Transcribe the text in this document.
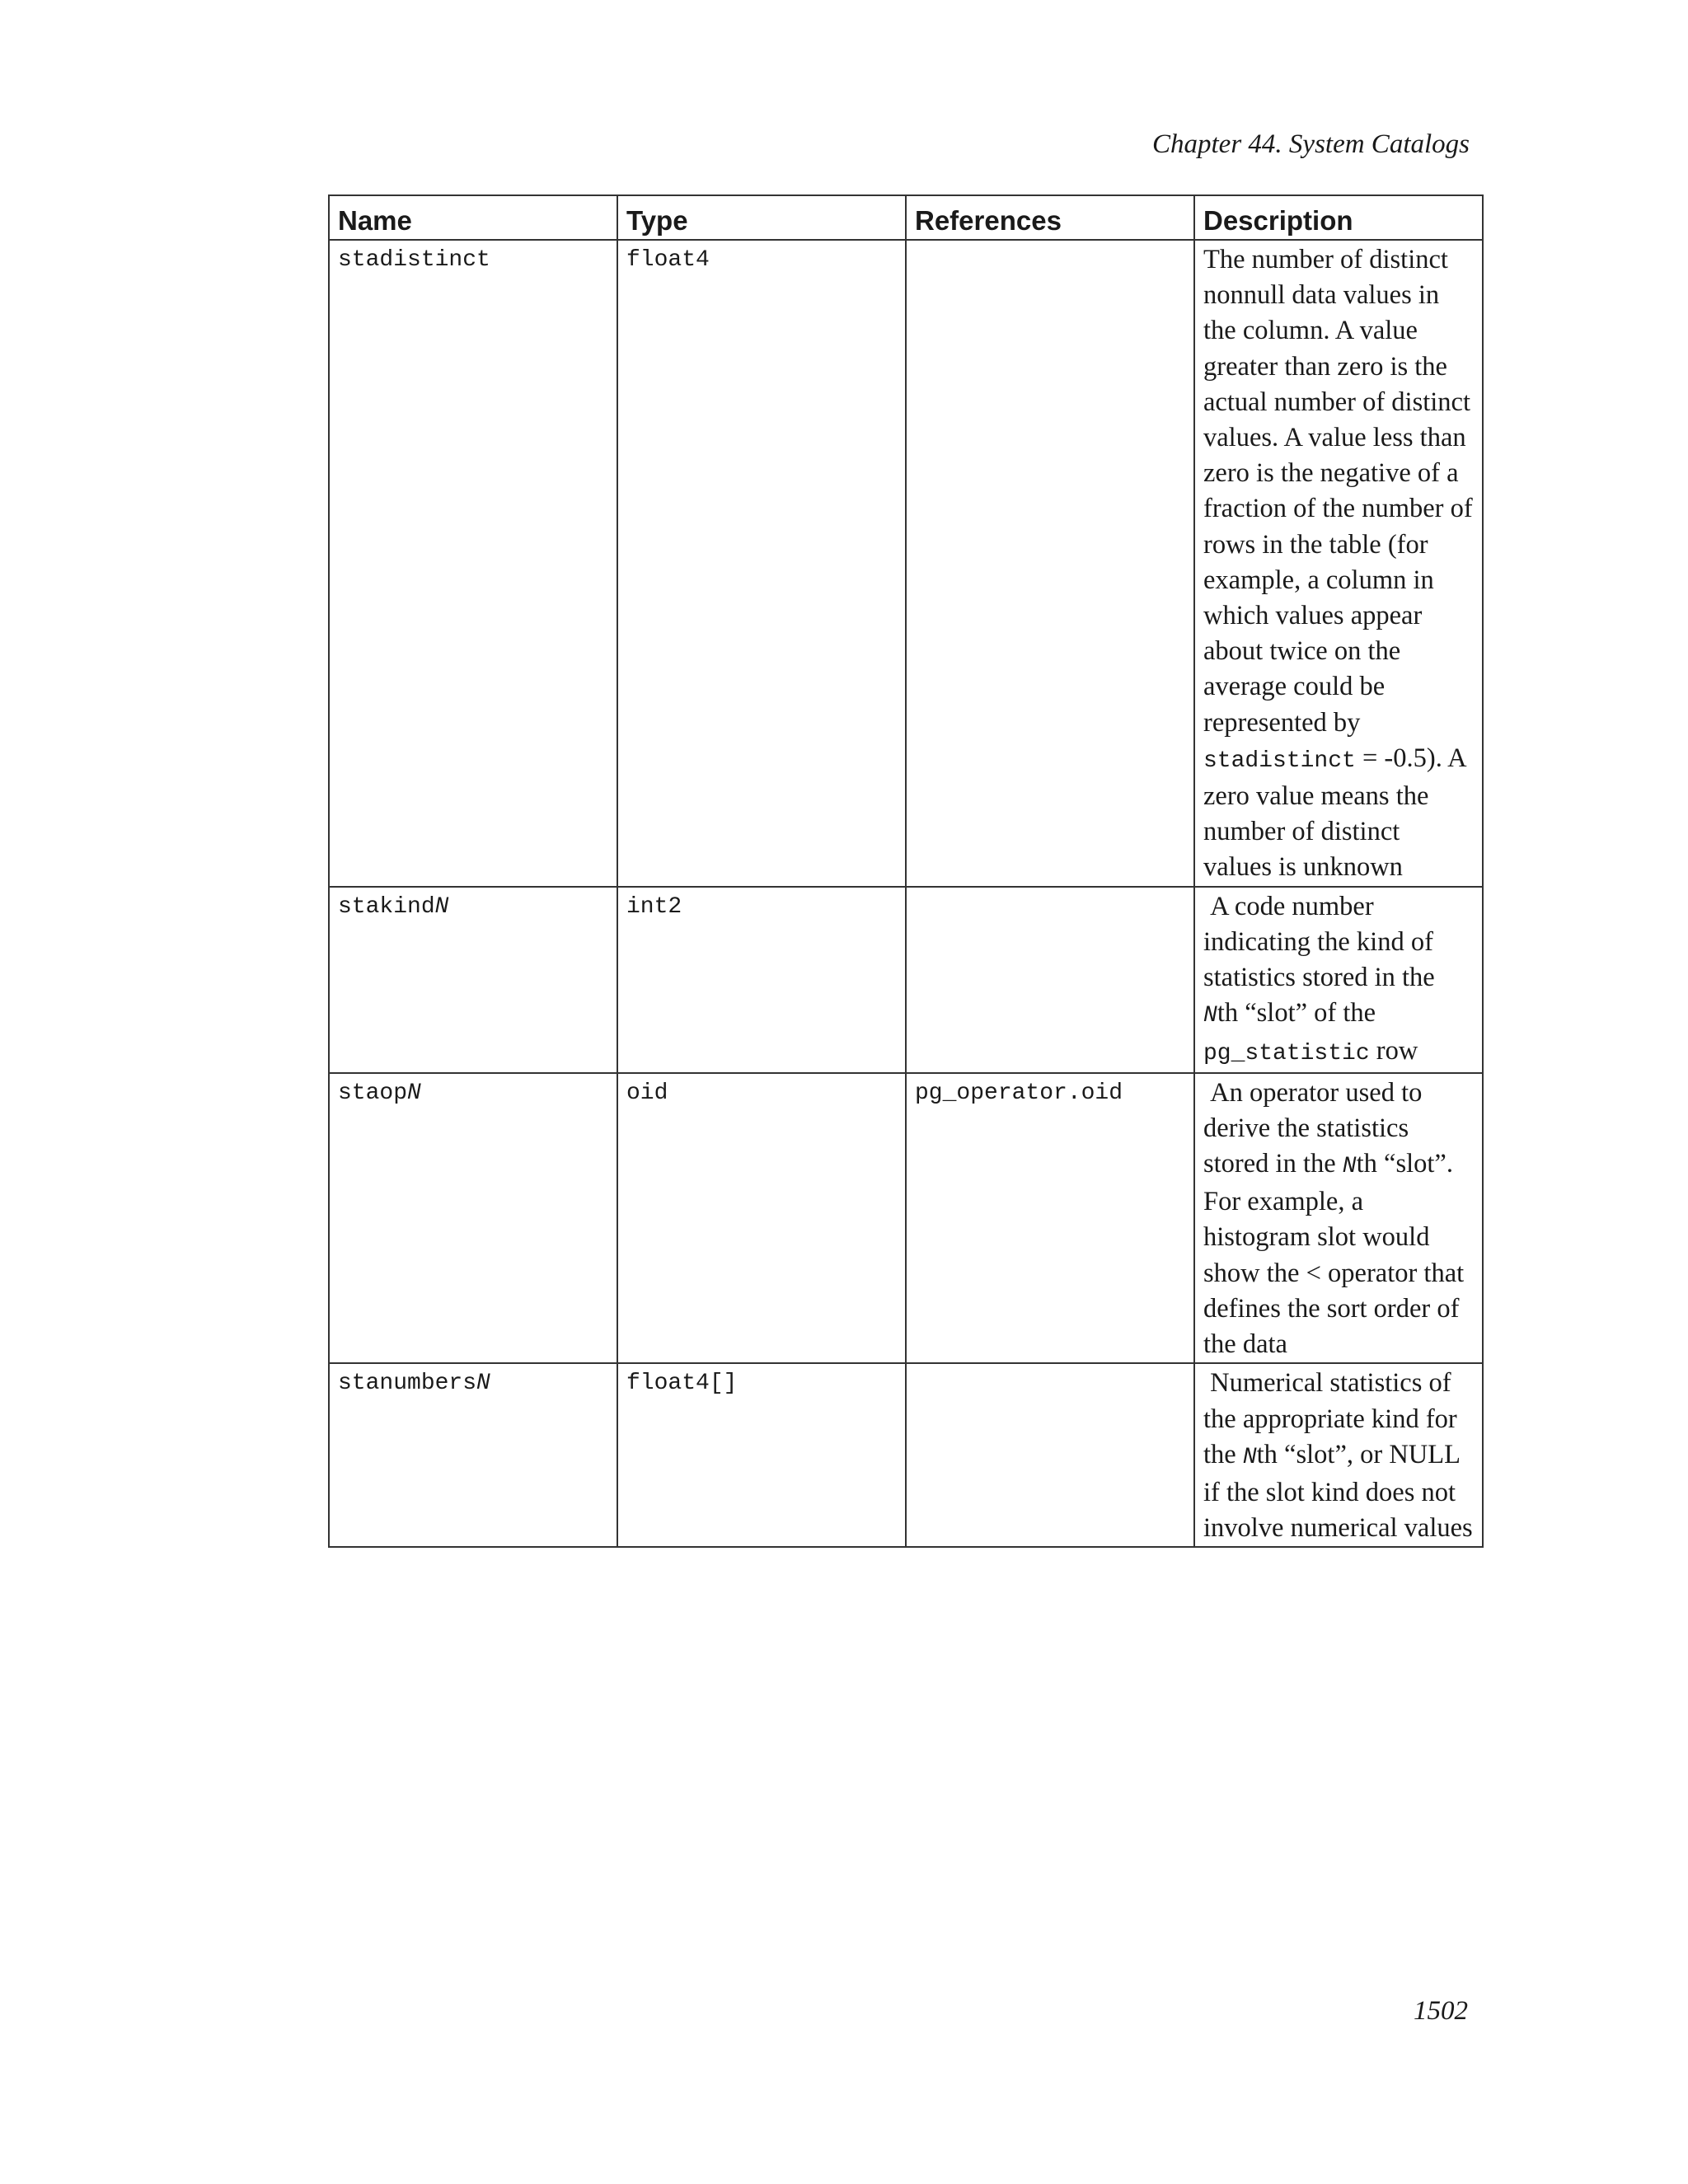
Chapter 44. System Catalogs
Name	Type	References	Description
stadistinct	float4		The number of distinct nonnull data values in the column. A value greater than zero is the actual number of distinct values. A value less than zero is the negative of a fraction of the number of rows in the table (for example, a column in which values appear about twice on the average could be represented by stadistinct = -0.5). A zero value means the number of distinct values is unknown
stakindN	int2		A code number indicating the kind of statistics stored in the Nth “slot” of the pg_statistic row
staopN	oid	pg_operator.oid	An operator used to derive the statistics stored in the Nth “slot”. For example, a histogram slot would show the < operator that defines the sort order of the data
stanumbersN	float4[]		Numerical statistics of the appropriate kind for the Nth “slot”, or NULL if the slot kind does not involve numerical values
1502
